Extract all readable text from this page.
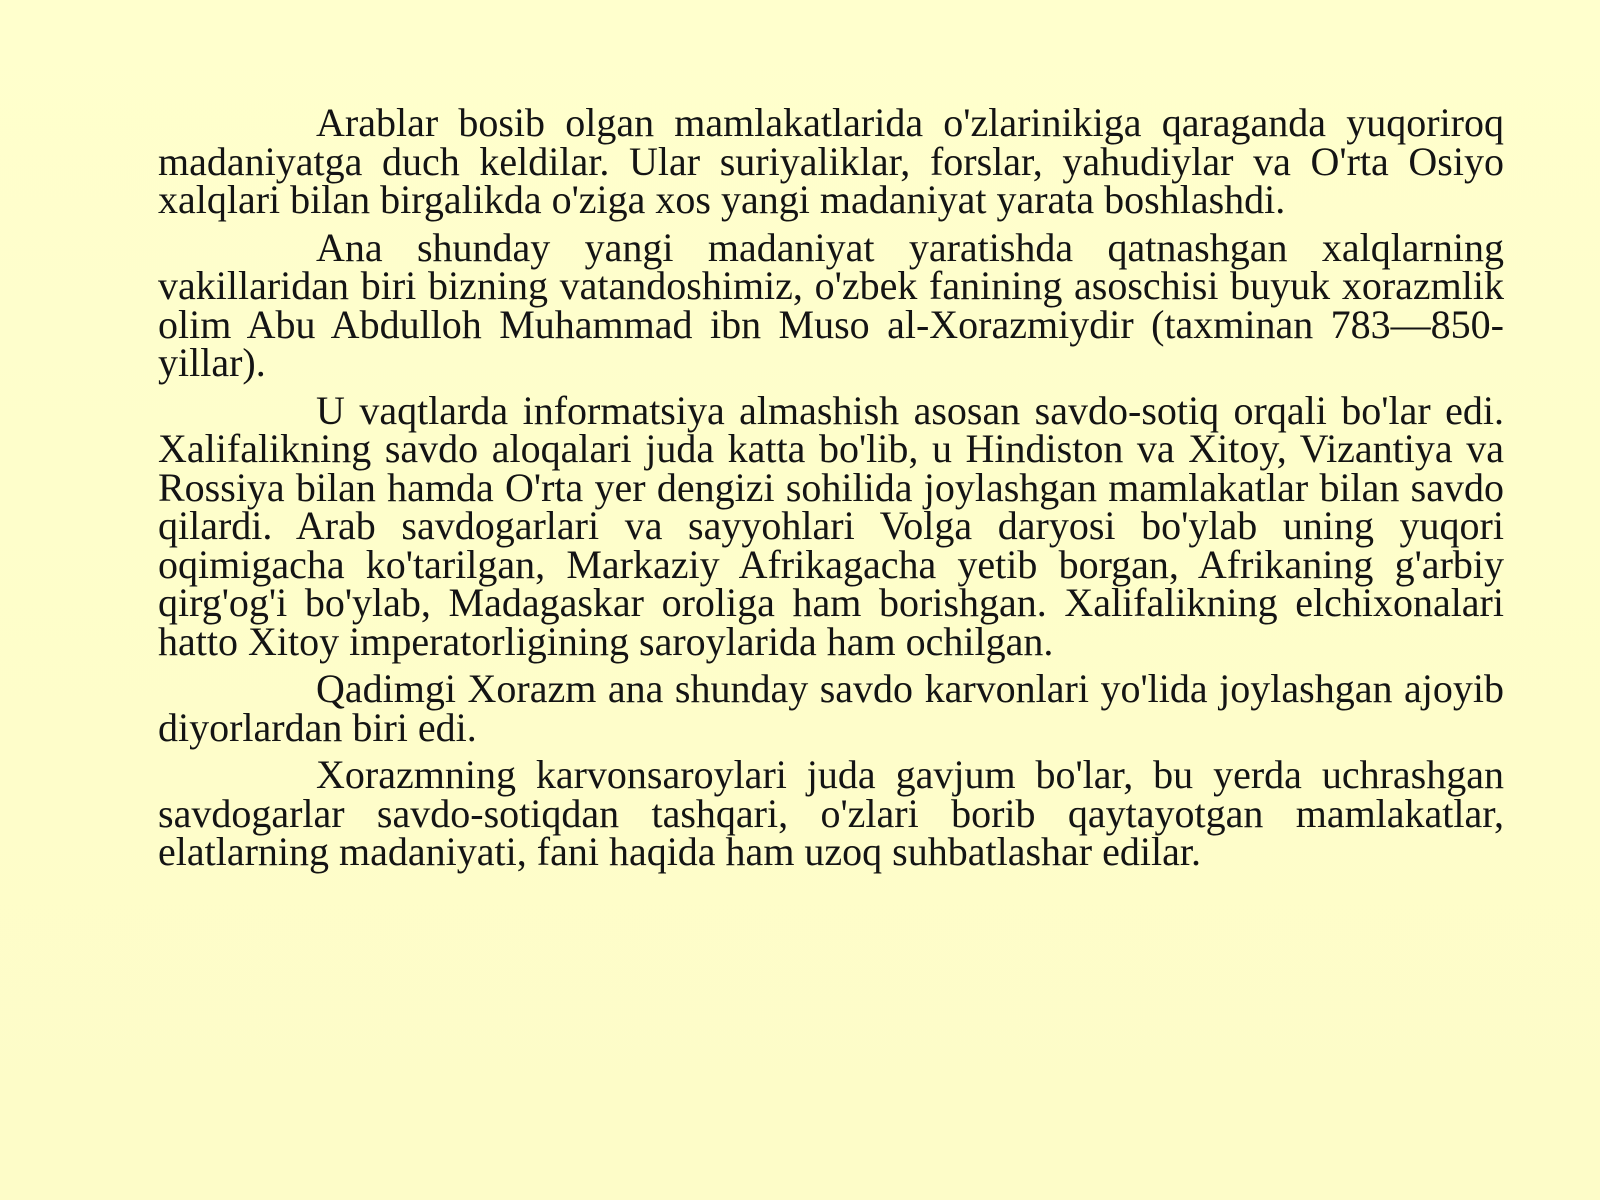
Arablar bosib olgan mamlakatlarida o'zlarinikiga qaraganda yuqoriroq madaniyatga duch keldilar. Ular suriyaliklar, forslar, yahudiylar va O'rta Osiyo xalqlari bilan birgalikda o'ziga xos yangi madaniyat yarata boshlashdi.

Ana shunday yangi madaniyat yaratishda qatnashgan xalqlarning vakillaridan biri bizning vatandoshimiz, o'zbek fanining asoschisi buyuk xorazmlik olim Abu Abdulloh Muhammad ibn Muso al-Xorazmiydir (taxminan 783—850-yillar).

U vaqtlarda informatsiya almashish asosan savdo-sotiq orqali bo'lar edi. Xalifalikning savdo aloqalari juda katta bo'lib, u Hindiston va Xitoy, Vizantiya va Rossiya bilan hamda O'rta yer dengizi sohilida joylashgan mamlakatlar bilan savdo qilardi. Arab savdogarlari va sayyohlari Volga daryosi bo'ylab uning yuqori oqimigacha ko'tarilgan, Markaziy Afrikagacha yetib borgan, Afrikaning g'arbiy qirg'og'i bo'ylab, Madagaskar oroliga ham borishgan. Xalifalikning elchixonalari hatto Xitoy imperatorligining saroylarida ham ochilgan.

Qadimgi Xorazm ana shunday savdo karvonlari yo'lida joylashgan ajoyib diyorlardan biri edi.

Xorazmning karvonsaroylari juda gavjum bo'lar, bu yerda uchrashgan savdogarlar savdo-sotiqdan tashqari, o'zlari borib qaytayotgan mamlakatlar, elatlarning madaniyati, fani haqida ham uzoq suhbatlashar edilar.
